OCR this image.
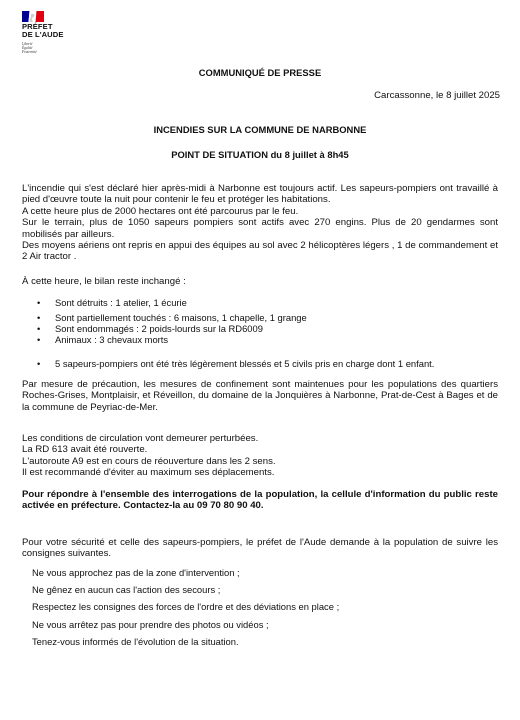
PRÉFET
DE L'AUDE
Liberté
Égalité
Fraternité
COMMUNIQUÉ DE PRESSE
Carcassonne, le 8 juillet 2025
INCENDIES SUR LA COMMUNE DE NARBONNE
POINT DE SITUATION du 8 juillet à 8h45

L'incendie qui s'est déclaré hier après-midi à Narbonne est toujours actif. Les sapeurs-pompiers ont travaillé à pied d'œuvre toute la nuit pour contenir le feu et protéger les habitations.

A cette heure plus de 2000 hectares ont été parcourus par le feu.

Sur le terrain, plus de 1050 sapeurs pompiers sont actifs avec 270 engins. Plus de 20 gendarmes sont mobilisés par ailleurs.

Des moyens aériens ont repris en appui des équipes au sol avec 2 hélicoptères légers , 1 de commandement et 2 Air tractor .

À cette heure, le bilan reste inchangé :
• Sont détruits : 1 atelier, 1 écurie
• Sont partiellement touchés : 6 maisons, 1 chapelle, 1 grange
• Sont endommagés : 2 poids-lourds sur la RD6009
• Animaux : 3 chevaux morts
• 5 sapeurs-pompiers ont été très légèrement blessés et 5 civils pris en charge dont 1 enfant.
Par mesure de précaution, les mesures de confinement sont maintenues pour les populations des quartiers Roches-Grises, Montplaisir, et Réveillon, du domaine de la Jonquières à Narbonne, Prat-de-Cest à Bages et de la commune de Peyriac-de-Mer.

Les conditions de circulation vont demeurer perturbées.

La RD 613 avait été rouverte.

L'autoroute A9 est en cours de réouverture dans les 2 sens.

Il est recommandé d'éviter au maximum ses déplacements.

Pour répondre à l'ensemble des interrogations de la population, la cellule d'information du public reste activée en préfecture. Contactez-la au 09 70 80 90 40.
Pour votre sécurité et celle des sapeurs-pompiers, le préfet de l'Aude demande à la population de suivre les consignes suivantes.
Ne vous approchez pas de la zone d'intervention ;
Ne gênez en aucun cas l'action des secours ;
Respectez les consignes des forces de l'ordre et des déviations en place ;
Ne vous arrêtez pas pour prendre des photos ou vidéos ;
Tenez-vous informés de l'évolution de la situation.
